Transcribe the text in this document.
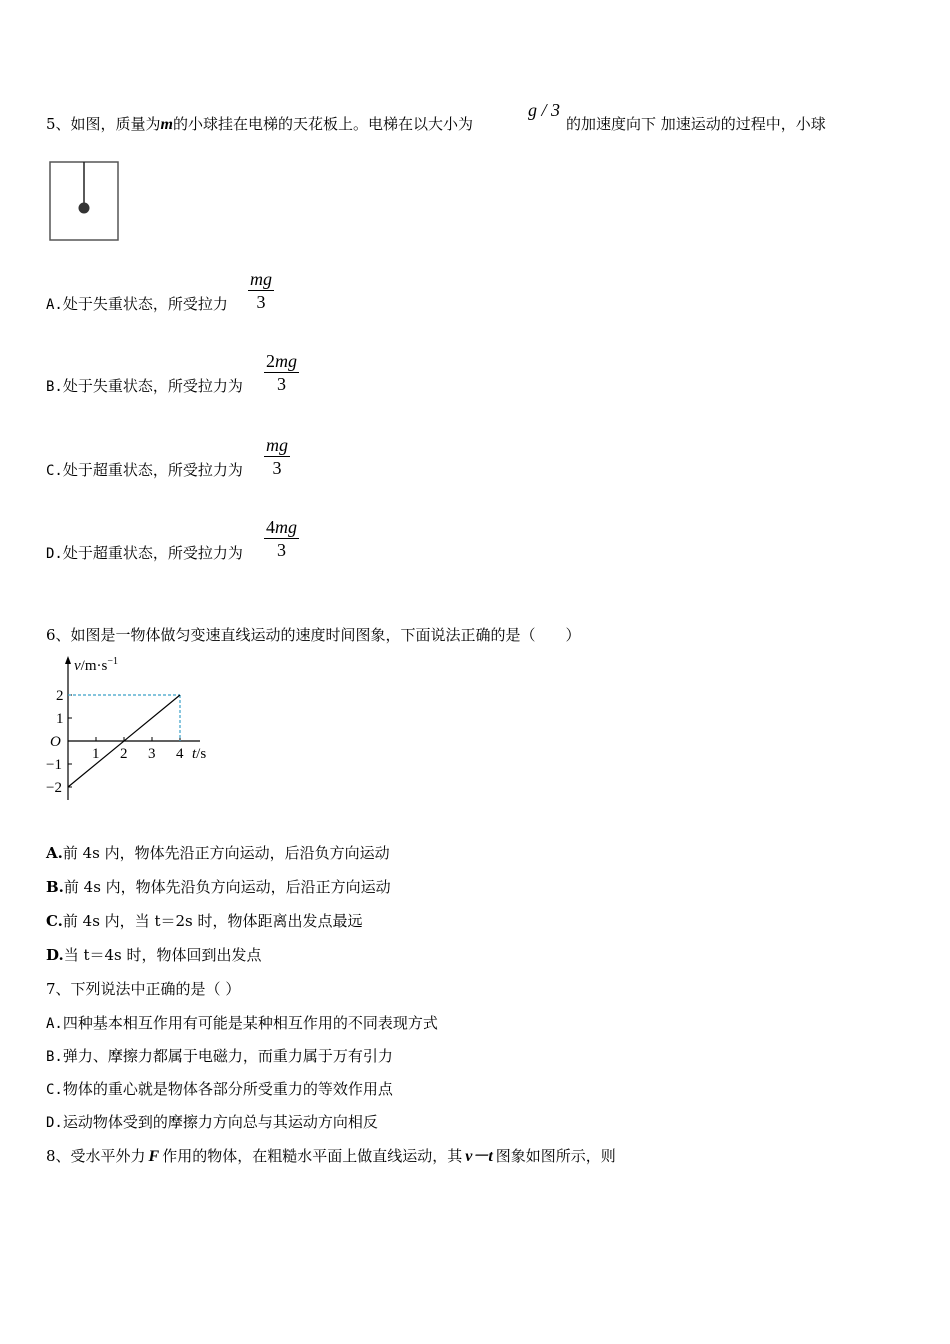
5、如图，质量为m的小球挂在电梯的天花板上。电梯在以大小为
g / 3
的加速度向下 加速运动的过程中，小球
A.处于失重状态，所受拉力 $\frac{mg}{3}$
B.处于失重状态，所受拉力为 $\frac{2mg}{3}$
C.处于超重状态，所受拉力为 $\frac{mg}{3}$
D.处于超重状态，所受拉力为 $\frac{4mg}{3}$
6、如图是一物体做匀变速直线运动的速度时间图象，下面说法正确的是（　　）
$v/m\cdot s^{-1}$
O
1 2 3 4 t/s
2
1
−1
−2
A.前 4s 内，物体先沿正方向运动，后沿负方向运动
B.前 4s 内，物体先沿负方向运动，后沿正方向运动
C.前 4s 内，当 t＝2s 时，物体距离出发点最远
D.当 t＝4s 时，物体回到出发点
7、下列说法中正确的是（ ）
A.四种基本相互作用有可能是某种相互作用的不同表现方式
B.弹力、摩擦力都属于电磁力，而重力属于万有引力
C.物体的重心就是物体各部分所受重力的等效作用点
D.运动物体受到的摩擦力方向总与其运动方向相反
8、受水平外力 F 作用的物体，在粗糙水平面上做直线运动，其 v－t 图象如图所示，则
